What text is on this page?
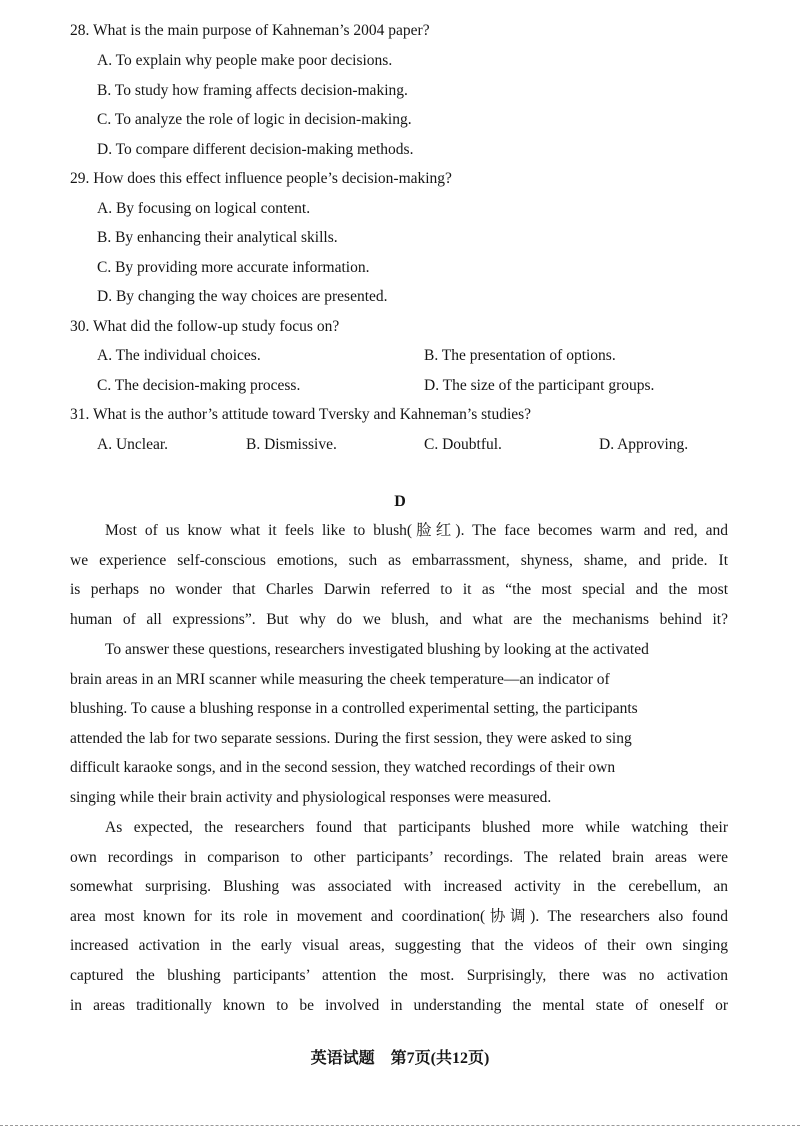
28. What is the main purpose of Kahneman’s 2004 paper?
A. To explain why people make poor decisions.
B. To study how framing affects decision-making.
C. To analyze the role of logic in decision-making.
D. To compare different decision-making methods.
29. How does this effect influence people’s decision-making?
A. By focusing on logical content.
B. By enhancing their analytical skills.
C. By providing more accurate information.
D. By changing the way choices are presented.
30. What did the follow-up study focus on?
A. The individual choices.	B. The presentation of options.
C. The decision-making process.	D. The size of the participant groups.
31. What is the author’s attitude toward Tversky and Kahneman’s studies?
A. Unclear.	B. Dismissive.	C. Doubtful.	D. Approving.
D
Most of us know what it feels like to blush(脸红). The face becomes warm and red, and
we experience self-conscious emotions, such as embarrassment, shyness, shame, and pride. It
is perhaps no wonder that Charles Darwin referred to it as “the most special and the most
human of all expressions”. But why do we blush, and what are the mechanisms behind it?
To answer these questions, researchers investigated blushing by looking at the activated
brain areas in an MRI scanner while measuring the cheek temperature—an indicator of
blushing. To cause a blushing response in a controlled experimental setting, the participants
attended the lab for two separate sessions. During the first session, they were asked to sing
difficult karaoke songs, and in the second session, they watched recordings of their own
singing while their brain activity and physiological responses were measured.
As expected, the researchers found that participants blushed more while watching their
own recordings in comparison to other participants’ recordings. The related brain areas were
somewhat surprising. Blushing was associated with increased activity in the cerebellum, an
area most known for its role in movement and coordination(协调). The researchers also found
increased activation in the early visual areas, suggesting that the videos of their own singing
captured the blushing participants’ attention the most. Surprisingly, there was no activation
in areas traditionally known to be involved in understanding the mental state of oneself or
英语试题　第7页(共12页)
